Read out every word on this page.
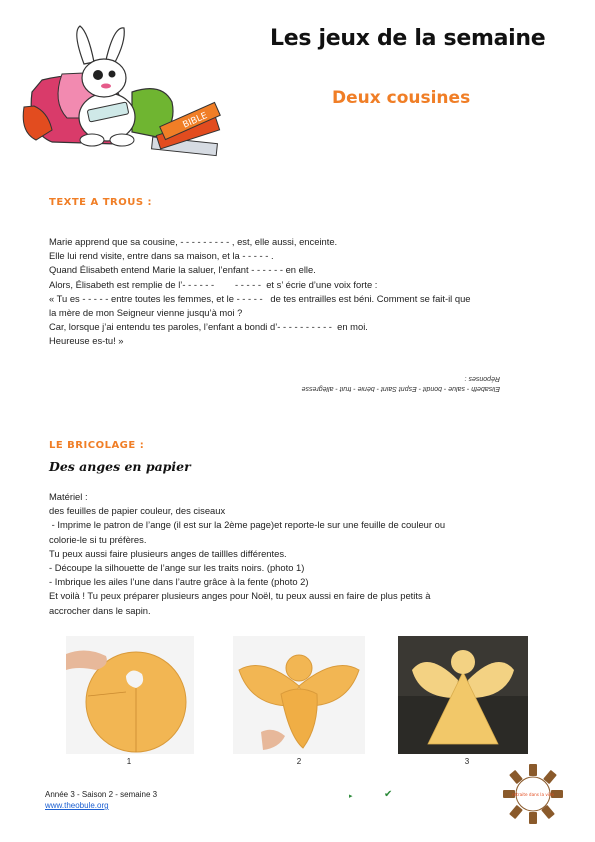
BIBLE
Les jeux de la semaine
Deux cousines
TEXTE A TROUS :

Marie apprend que sa cousine, - - - - - - - - - , est, elle aussi, enceinte.

Elle lui rend visite, entre dans sa maison, et la - - - - - .

Quand Élisabeth entend Marie la saluer, l’enfant - - - - - - en elle.

Alors, Élisabeth est remplie de l’- - - - - -        - - - - -  et s’ écrie d’une voix forte :

« Tu es - - - - - entre toutes les femmes, et le - - - - -   de tes entrailles est béni. Comment se fait-il que

la mère de mon Seigneur vienne jusqu’à moi ?

Car, lorsque j’ai entendu tes paroles, l’enfant a bondi d’- - - - - - - - - -  en moi.

Heureuse es-tu! »

Elisabeth - salue - bondit - Esprit Saint - bénie - fruit - allégresse
Réponses :
LE BRICOLAGE :
Des anges en papier

Matériel :

des feuilles de papier couleur, des ciseaux

- Imprime le patron de l’ange (il est sur la 2ème page)et reporte-le sur une feuille de couleur ou

colorie-le si tu préfères.

Tu peux aussi faire plusieurs anges de taillles différentes.

- Découpe la silhouette de l’ange sur les traits noirs. (photo 1)

- Imbrique les ailes l’une dans l’autre grâce à la fente (photo 2)

Et voilà ! Tu peux préparer plusieurs anges pour Noël, tu peux aussi en faire de plus petits à

accrocher dans le sapin.

1	2	3
Année 3 - Saison 2 - semaine 3
www.theobule.org
▸	✔	retraite dans la ville
